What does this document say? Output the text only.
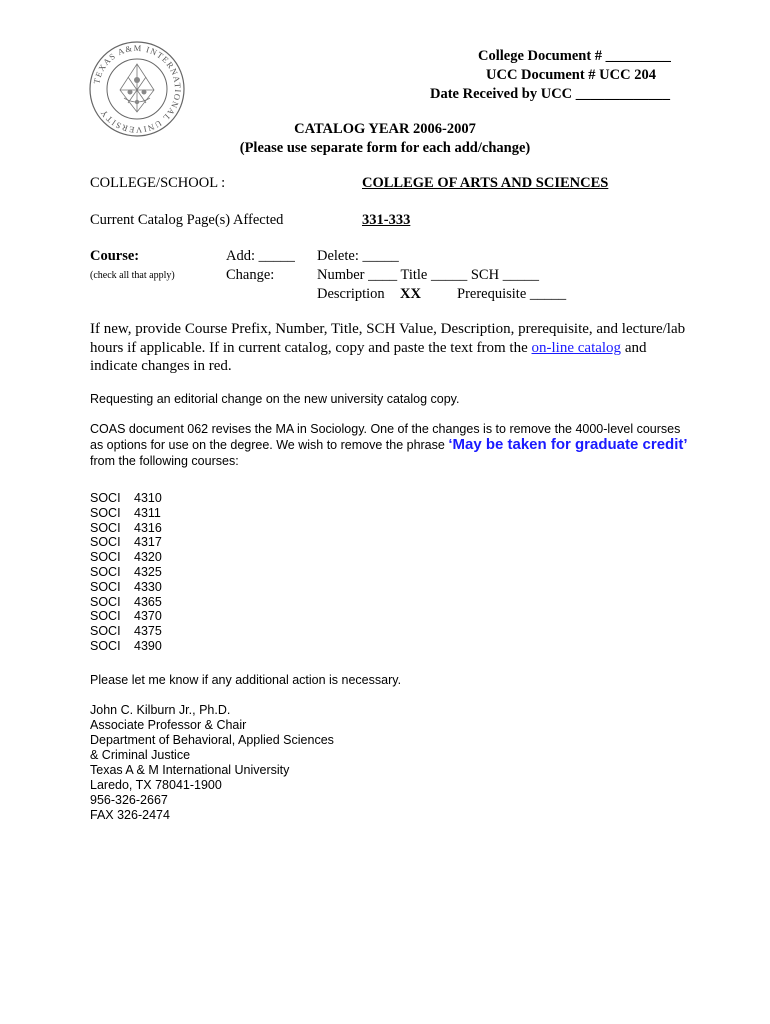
TEXAS A&M INTERNATIONAL UNIVERSITY
College Document # _________
UCC Document # UCC 204
Date Received by UCC _____________
CATALOG YEAR 2006-2007
(Please use separate form for each add/change)
COLLEGE/SCHOOL :	COLLEGE OF ARTS AND SCIENCES
Current Catalog Page(s) Affected	331-333
Course:
(check all that apply)
Add: _____
Change:
Delete: _____
Number ____ Title _____ SCH _____
Description XX Prerequisite _____
If new, provide Course Prefix, Number, Title, SCH Value, Description, prerequisite, and lecture/lab hours if applicable. If in current catalog, copy and paste the text from the on-line catalog and indicate changes in red.
Requesting an editorial change on the new university catalog copy.
COAS document 062 revises the MA in Sociology. One of the changes is to remove the 4000-level courses as options for use on the degree. We wish to remove the phrase ‘May be taken for graduate credit’ from the following courses:
SOCI 4310
SOCI 4311
SOCI 4316
SOCI 4317
SOCI 4320
SOCI 4325
SOCI 4330
SOCI 4365
SOCI 4370
SOCI 4375
SOCI 4390
Please let me know if any additional action is necessary.
John C. Kilburn Jr., Ph.D.
Associate Professor & Chair
Department of Behavioral, Applied Sciences
& Criminal Justice
Texas A & M International University
Laredo, TX 78041-1900
956-326-2667
FAX 326-2474
